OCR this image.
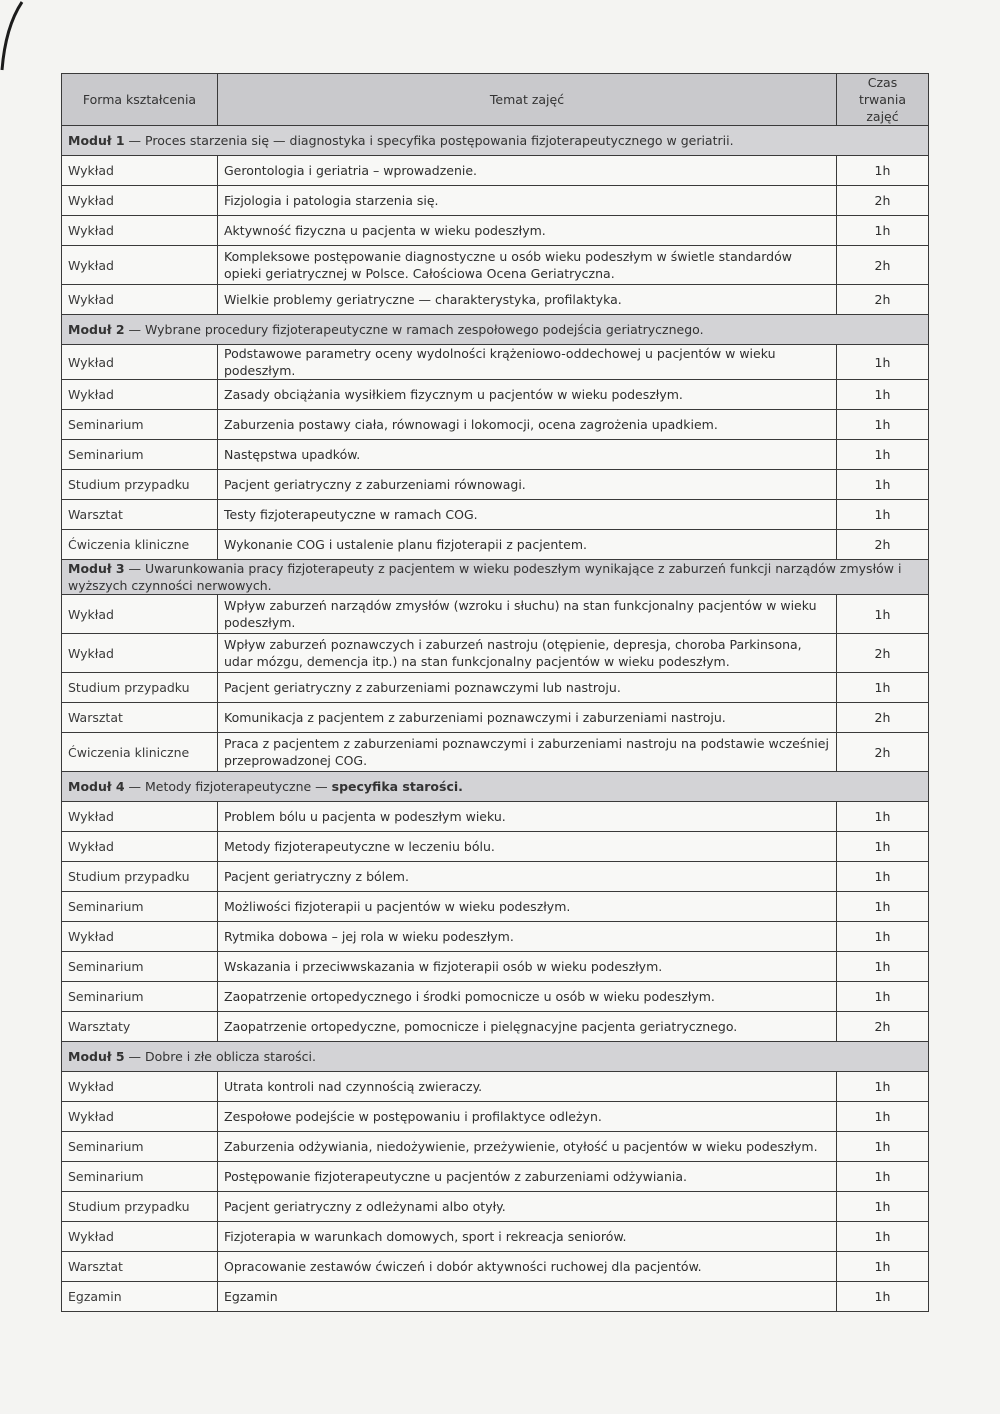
Forma kształcenia	Temat zajęć	Czas trwania zajęć
Moduł 1 — Proces starzenia się — diagnostyka i specyfika postępowania fizjoterapeutycznego w geriatrii.		
Wykład	Gerontologia i geriatria – wprowadzenie.	1h
Wykład	Fizjologia i patologia starzenia się.	2h
Wykład	Aktywność fizyczna u pacjenta w wieku podeszłym.	1h
Wykład	Kompleksowe postępowanie diagnostyczne u osób wieku podeszłym w świetle standardów opieki geriatrycznej w Polsce. Całościowa Ocena Geriatryczna.	2h
Wykład	Wielkie problemy geriatryczne — charakterystyka, profilaktyka.	2h
Moduł 2 — Wybrane procedury fizjoterapeutyczne w ramach zespołowego podejścia geriatrycznego.		
Wykład	Podstawowe parametry oceny wydolności krążeniowo-oddechowej u pacjentów w wieku podeszłym.	1h
Wykład	Zasady obciążania wysiłkiem fizycznym u pacjentów w wieku podeszłym.	1h
Seminarium	Zaburzenia postawy ciała, równowagi i lokomocji, ocena zagrożenia upadkiem.	1h
Seminarium	Następstwa upadków.	1h
Studium przypadku	Pacjent geriatryczny z zaburzeniami równowagi.	1h
Warsztat	Testy fizjoterapeutyczne w ramach COG.	1h
Ćwiczenia kliniczne	Wykonanie COG i ustalenie planu fizjoterapii z pacjentem.	2h
Moduł 3 — Uwarunkowania pracy fizjoterapeuty z pacjentem w wieku podeszłym wynikające z zaburzeń funkcji narządów zmysłów i wyższych czynności nerwowych.		
Wykład	Wpływ zaburzeń narządów zmysłów (wzroku i słuchu) na stan funkcjonalny pacjentów w wieku podeszłym.	1h
Wykład	Wpływ zaburzeń poznawczych i zaburzeń nastroju (otępienie, depresja, choroba Parkinsona, udar mózgu, demencja itp.) na stan funkcjonalny pacjentów w wieku podeszłym.	2h
Studium przypadku	Pacjent geriatryczny z zaburzeniami poznawczymi lub nastroju.	1h
Warsztat	Komunikacja z pacjentem z zaburzeniami poznawczymi i zaburzeniami nastroju.	2h
Ćwiczenia kliniczne	Praca z pacjentem z zaburzeniami poznawczymi i zaburzeniami nastroju na podstawie wcześniej przeprowadzonej COG.	2h
Moduł 4 — Metody fizjoterapeutyczne — specyfika starości.		
Wykład	Problem bólu u pacjenta w podeszłym wieku.	1h
Wykład	Metody fizjoterapeutyczne w leczeniu bólu.	1h
Studium przypadku	Pacjent geriatryczny z bólem.	1h
Seminarium	Możliwości fizjoterapii u pacjentów w wieku podeszłym.	1h
Wykład	Rytmika dobowa – jej rola w wieku podeszłym.	1h
Seminarium	Wskazania i przeciwwskazania w fizjoterapii osób w wieku podeszłym.	1h
Seminarium	Zaopatrzenie ortopedycznego i środki pomocnicze u osób w wieku podeszłym.	1h
Warsztaty	Zaopatrzenie ortopedyczne, pomocnicze i pielęgnacyjne pacjenta geriatrycznego.	2h
Moduł 5 — Dobre i złe oblicza starości.		
Wykład	Utrata kontroli nad czynnością zwieraczy.	1h
Wykład	Zespołowe podejście w postępowaniu i profilaktyce odleżyn.	1h
Seminarium	Zaburzenia odżywiania, niedożywienie, przeżywienie, otyłość u pacjentów w wieku podeszłym.	1h
Seminarium	Postępowanie fizjoterapeutyczne u pacjentów z zaburzeniami odżywiania.	1h
Studium przypadku	Pacjent geriatryczny z odleżynami albo otyły.	1h
Wykład	Fizjoterapia w warunkach domowych, sport i rekreacja seniorów.	1h
Warsztat	Opracowanie zestawów ćwiczeń i dobór aktywności ruchowej dla pacjentów.	1h
Egzamin	Egzamin	1h
